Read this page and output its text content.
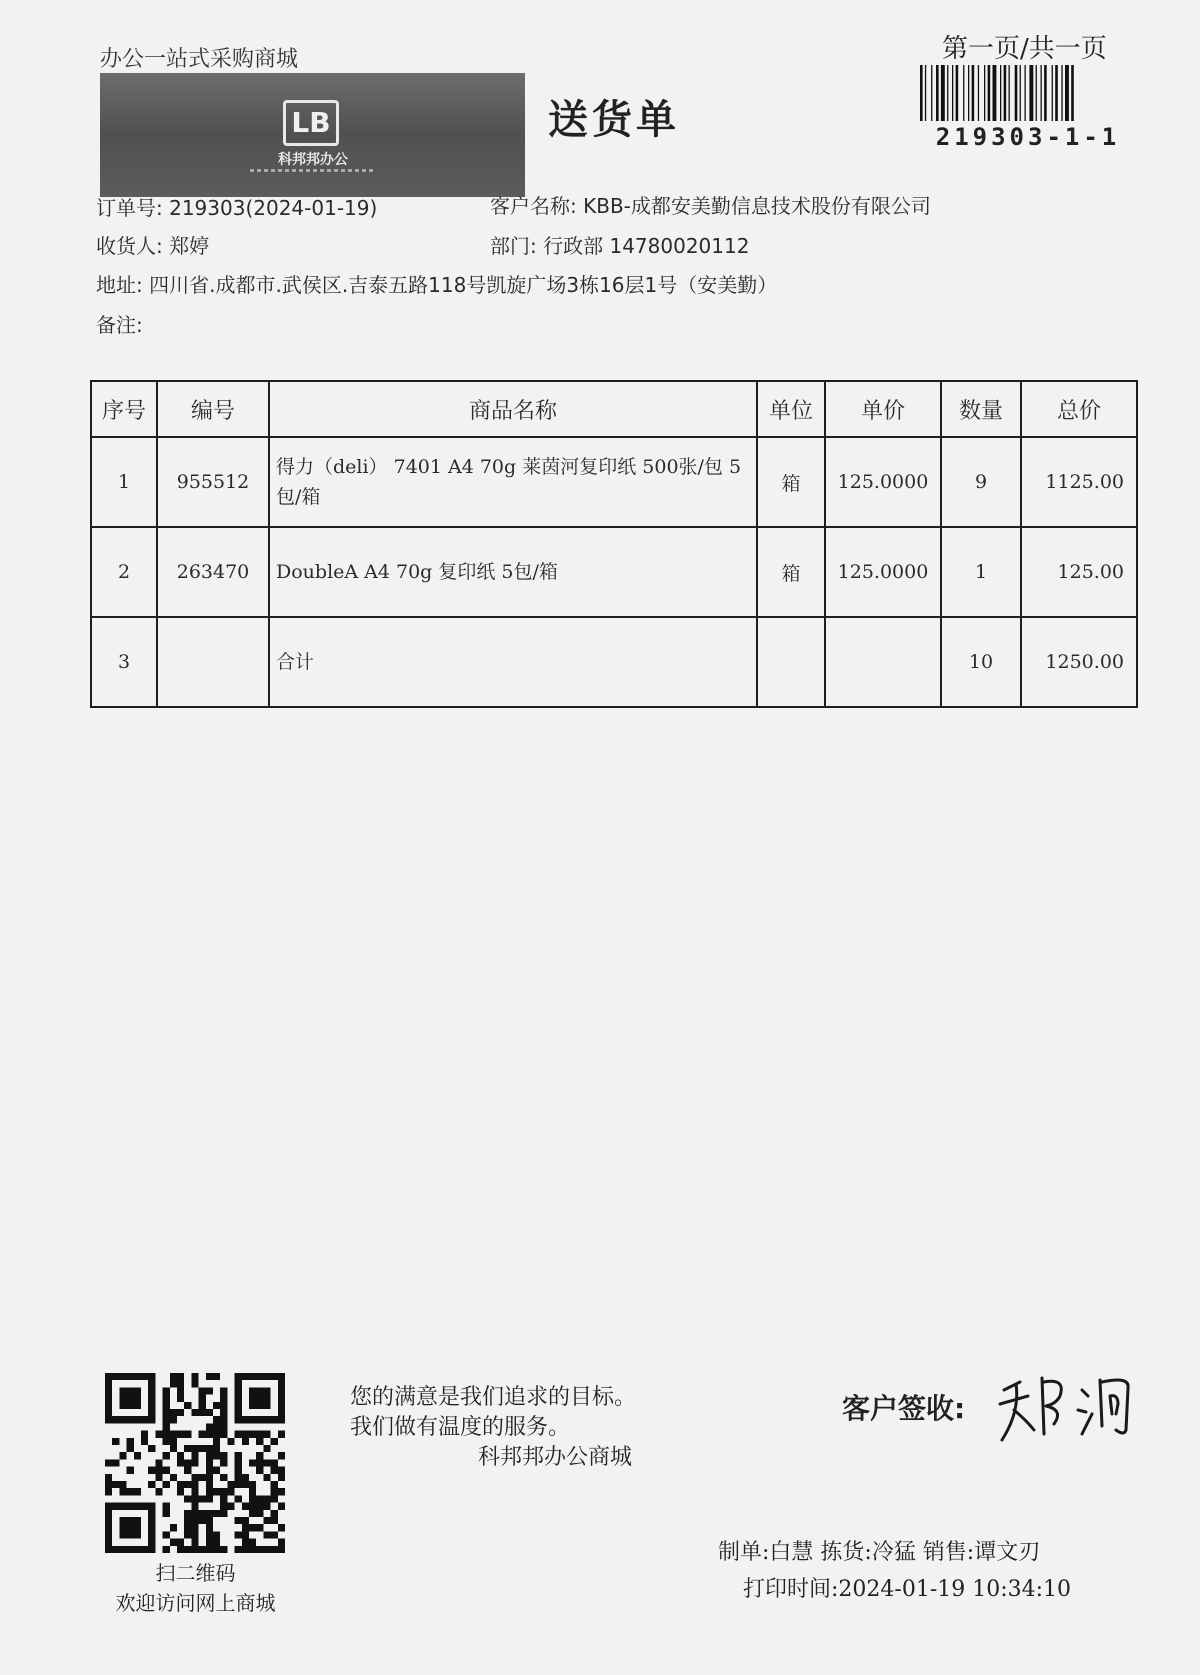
办公一站式采购商城
LB
科邦邦办公
送货单
第一页/共一页
219303-1-1
订单号: 219303(2024-01-19)	客户名称: KBB-成都安美勤信息技术股份有限公司
收货人: 郑婷	部门: 行政部 14780020112
地址: 四川省.成都市.武侯区.吉泰五路118号凯旋广场3栋16层1号（安美勤）
备注:
序号	编号	商品名称	单位	单价	数量	总价
1	955512	得力（deli） 7401 A4 70g 莱茵河复印纸 500张/包 5包/箱	箱	125.0000	9	1125.00
2	263470	DoubleA A4 70g 复印纸 5包/箱	箱	125.0000	1	125.00
3		合计			10	1250.00
扫二维码
欢迎访问网上商城
您的满意是我们追求的目标。
我们做有温度的服务。
科邦邦办公商城
客户签收:
制单:白慧 拣货:冷猛 销售:谭文刃
打印时间:2024-01-19 10:34:10
